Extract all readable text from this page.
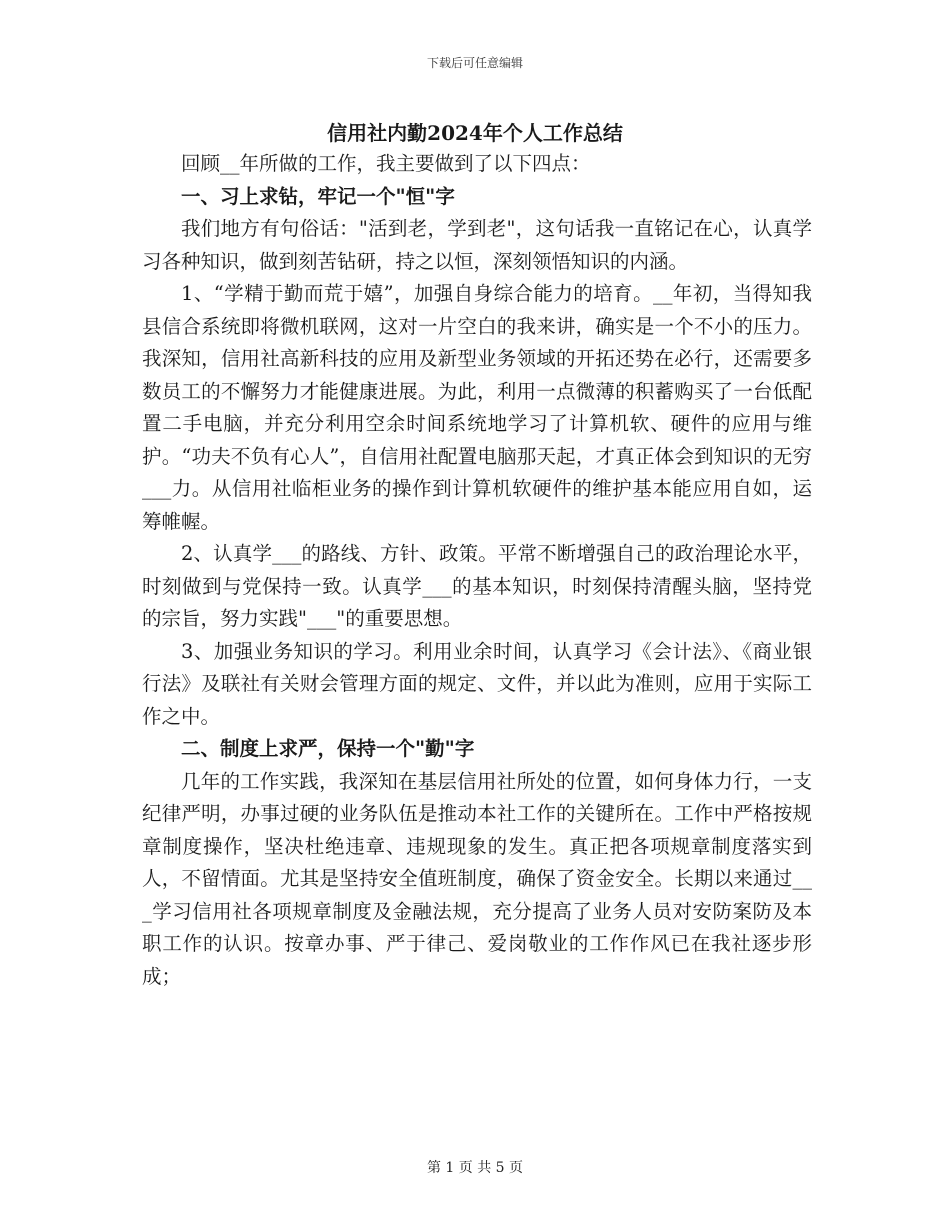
下载后可任意编辑
信用社内勤2024年个人工作总结

回顾__年所做的工作，我主要做到了以下四点：

一、习上求钻，牢记一个"恒"字

我们地方有句俗话："活到老，学到老"，这句话我一直铭记在心，认真学习各种知识，做到刻苦钻研，持之以恒，深刻领悟知识的内涵。

1、“学精于勤而荒于嬉”，加强自身综合能力的培育。__年初，当得知我县信合系统即将微机联网，这对一片空白的我来讲，确实是一个不小的压力。我深知，信用社高新科技的应用及新型业务领域的开拓还势在必行，还需要多数员工的不懈努力才能健康进展。为此，利用一点微薄的积蓄购买了一台低配置二手电脑，并充分利用空余时间系统地学习了计算机软、硬件的应用与维护。“功夫不负有心人”，自信用社配置电脑那天起，才真正体会到知识的无穷___力。从信用社临柜业务的操作到计算机软硬件的维护基本能应用自如，运筹帷幄。

2、认真学___的路线、方针、政策。平常不断增强自己的政治理论水平，时刻做到与党保持一致。认真学___的基本知识，时刻保持清醒头脑，坚持党的宗旨，努力实践"___"的重要思想。

3、加强业务知识的学习。利用业余时间，认真学习《会计法》、《商业银行法》及联社有关财会管理方面的规定、文件，并以此为准则，应用于实际工作之中。

二、制度上求严，保持一个"勤"字

几年的工作实践，我深知在基层信用社所处的位置，如何身体力行，一支纪律严明，办事过硬的业务队伍是推动本社工作的关键所在。工作中严格按规章制度操作，坚决杜绝违章、违规现象的发生。真正把各项规章制度落实到人，不留情面。尤其是坚持安全值班制度，确保了资金安全。长期以来通过___学习信用社各项规章制度及金融法规，充分提高了业务人员对安防案防及本职工作的认识。按章办事、严于律己、爱岗敬业的工作作风已在我社逐步形成；

第 1 页 共 5 页
